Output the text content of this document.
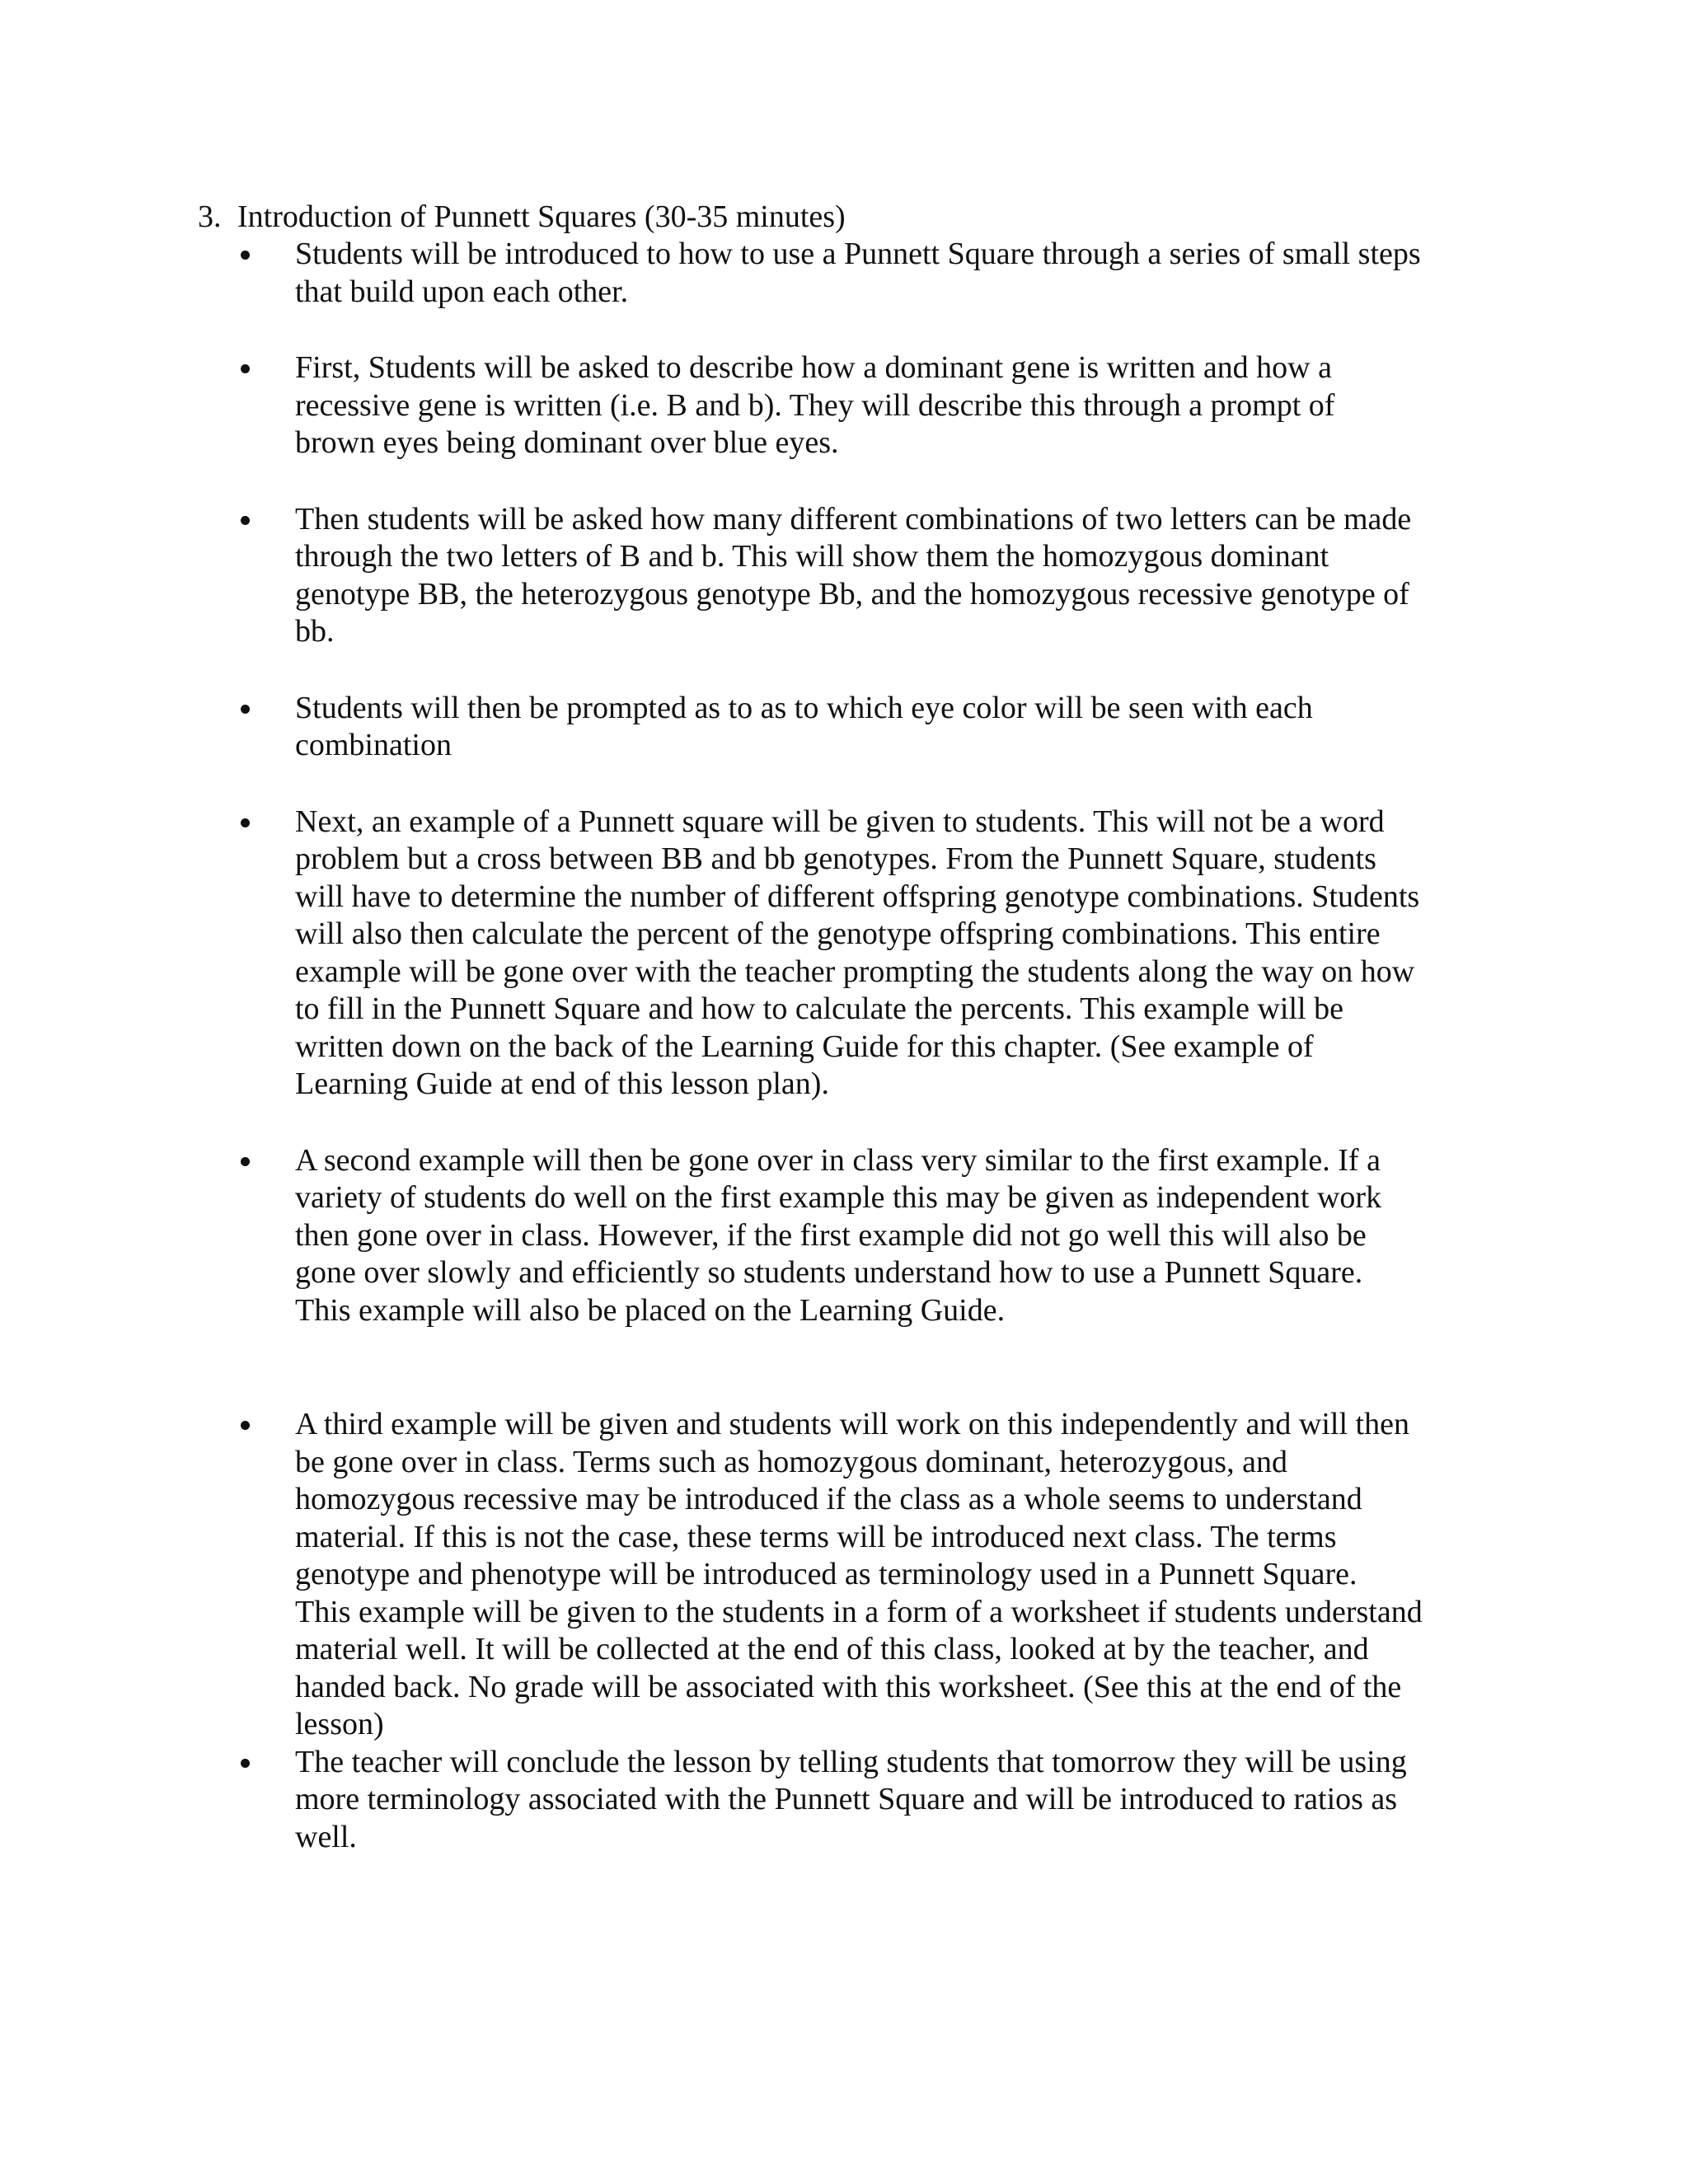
3. Introduction of Punnett Squares (30-35 minutes)
Students will be introduced to how to use a Punnett Square through a series of small steps
that build upon each other.
First, Students will be asked to describe how a dominant gene is written and how a
recessive gene is written (i.e. B and b). They will describe this through a prompt of
brown eyes being dominant over blue eyes.
Then students will be asked how many different combinations of two letters can be made
through the two letters of B and b. This will show them the homozygous dominant
genotype BB, the heterozygous genotype Bb, and the homozygous recessive genotype of
bb.
Students will then be prompted as to as to which eye color will be seen with each
combination
Next, an example of a Punnett square will be given to students. This will not be a word
problem but a cross between BB and bb genotypes. From the Punnett Square, students
will have to determine the number of different offspring genotype combinations. Students
will also then calculate the percent of the genotype offspring combinations. This entire
example will be gone over with the teacher prompting the students along the way on how
to fill in the Punnett Square and how to calculate the percents. This example will be
written down on the back of the Learning Guide for this chapter. (See example of
Learning Guide at end of this lesson plan).
A second example will then be gone over in class very similar to the first example. If a
variety of students do well on the first example this may be given as independent work
then gone over in class. However, if the first example did not go well this will also be
gone over slowly and efficiently so students understand how to use a Punnett Square.
This example will also be placed on the Learning Guide.
A third example will be given and students will work on this independently and will then
be gone over in class. Terms such as homozygous dominant, heterozygous, and
homozygous recessive may be introduced if the class as a whole seems to understand
material. If this is not the case, these terms will be introduced next class. The terms
genotype and phenotype will be introduced as terminology used in a Punnett Square.
This example will be given to the students in a form of a worksheet if students understand
material well. It will be collected at the end of this class, looked at by the teacher, and
handed back. No grade will be associated with this worksheet. (See this at the end of the
lesson)
The teacher will conclude the lesson by telling students that tomorrow they will be using
more terminology associated with the Punnett Square and will be introduced to ratios as
well.
